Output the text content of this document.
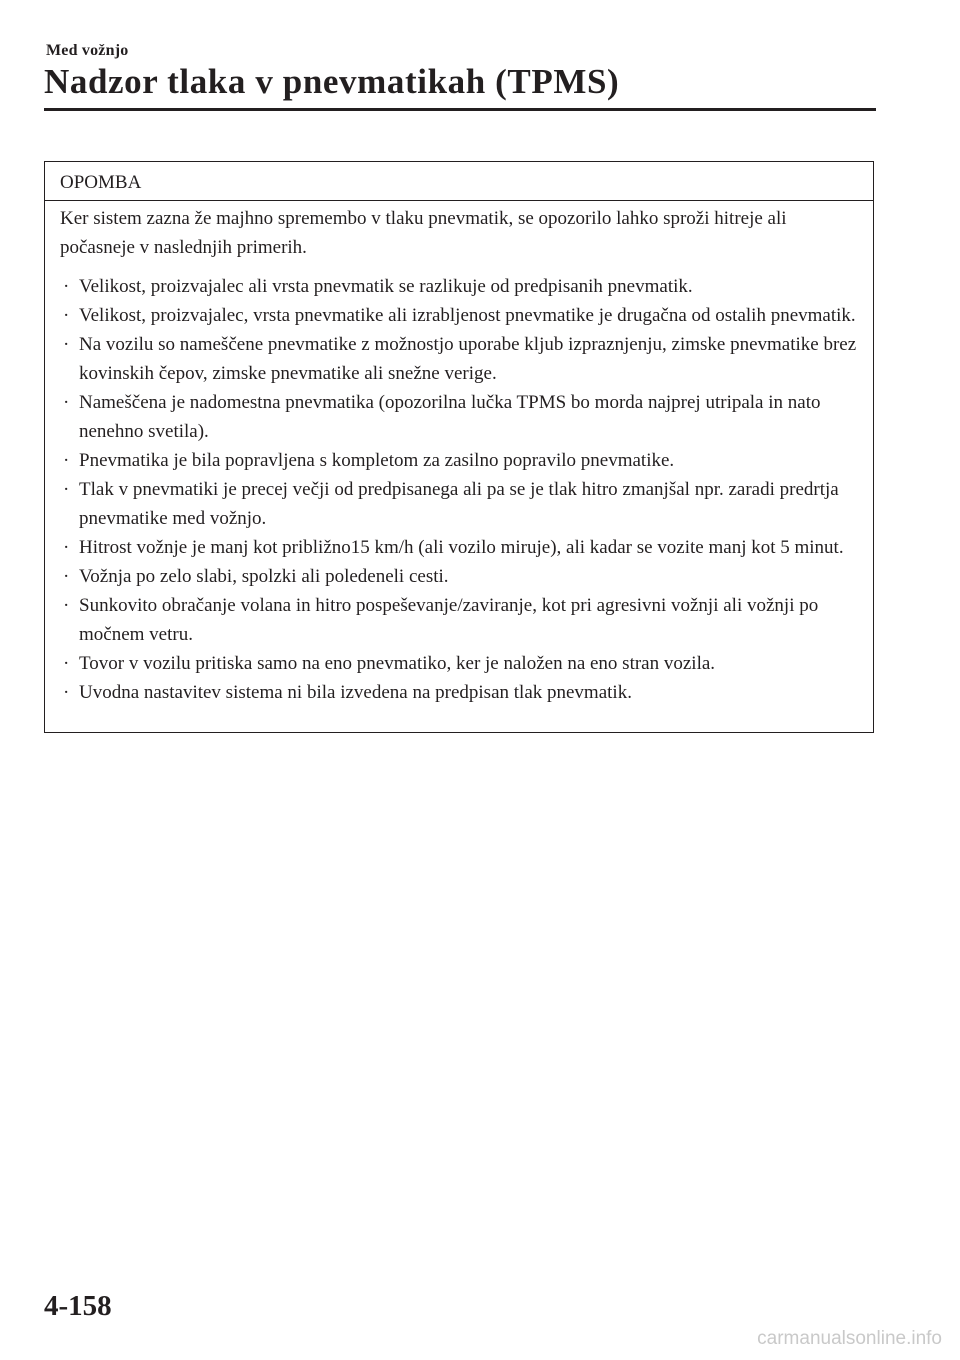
Med vožnjo
Nadzor tlaka v pnevmatikah (TPMS)
OPOMBA

Ker sistem zazna že majhno spremembo v tlaku pnevmatik, se opozorilo lahko sproži hitreje ali počasneje v naslednjih primerih.

· Velikost, proizvajalec ali vrsta pnevmatik se razlikuje od predpisanih pnevmatik.
· Velikost, proizvajalec, vrsta pnevmatike ali izrabljenost pnevmatike je drugačna od ostalih pnevmatik.
· Na vozilu so nameščene pnevmatike z možnostjo uporabe kljub izpraznjenju, zimske pnevmatike brez kovinskih čepov, zimske pnevmatike ali snežne verige.
· Nameščena je nadomestna pnevmatika (opozorilna lučka TPMS bo morda najprej utripala in nato nenehno svetila).
· Pnevmatika je bila popravljena s kompletom za zasilno popravilo pnevmatike.
· Tlak v pnevmatiki je precej večji od predpisanega ali pa se je tlak hitro zmanjšal npr. zaradi predrtja pnevmatike med vožnjo.
· Hitrost vožnje je manj kot približno15 km/h (ali vozilo miruje), ali kadar se vozite manj kot 5 minut.
· Vožnja po zelo slabi, spolzki ali poledeneli cesti.
· Sunkovito obračanje volana in hitro pospeševanje/zaviranje, kot pri agresivni vožnji ali vožnji po močnem vetru.
· Tovor v vozilu pritiska samo na eno pnevmatiko, ker je naložen na eno stran vozila.
· Uvodna nastavitev sistema ni bila izvedena na predpisan tlak pnevmatik.
4-158
carmanualsonline.info
